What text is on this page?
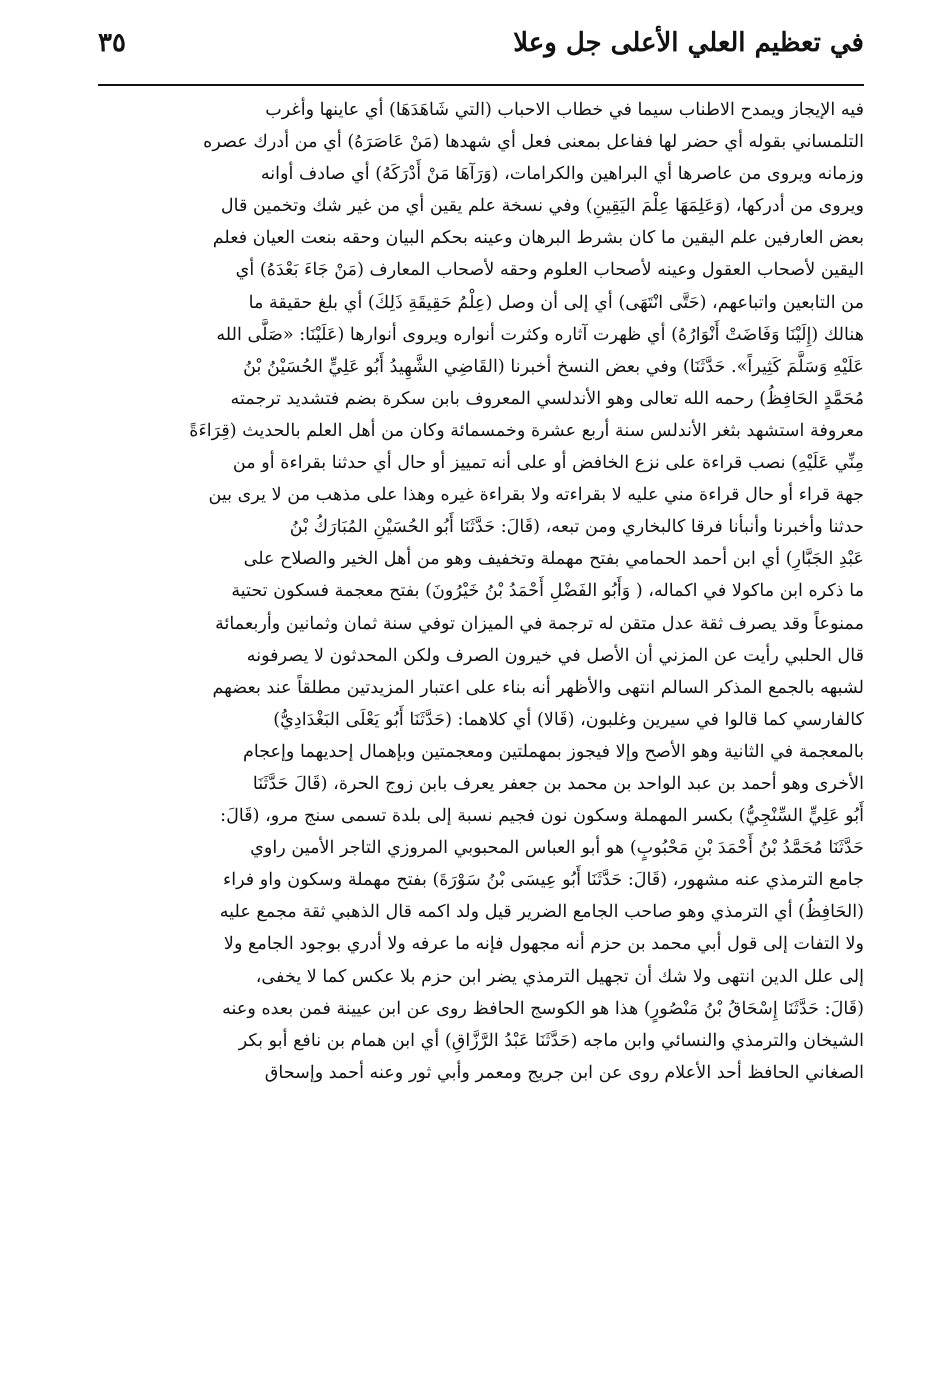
في تعظيم العلي الأعلى جل وعلا
٣٥
فيه الإيجاز ويمدح الاطناب سيما في خطاب الاحباب (التي شَاهَدَهَا) أي عاينها وأغرب
التلمساني بقوله أي حضر لها ففاعل بمعنى فعل أي شهدها (مَنْ عَاصَرَهُ) أي من أدرك عصره
وزمانه ويروى من عاصرها أي البراهين والكرامات، (وَرَآهَا مَنْ أَدْرَكَهُ) أي صادف أوانه
ويروى من أدركها، (وَعَلِمَهَا عِلْمَ اليَقِينِ) وفي نسخة علم يقين أي من غير شك وتخمين قال
بعض العارفين علم اليقين ما كان بشرط البرهان وعينه بحكم البيان وحقه بنعت العيان فعلم
اليقين لأصحاب العقول وعينه لأصحاب العلوم وحقه لأصحاب المعارف (مَنْ جَاءَ بَعْدَهُ) أي
من التابعين واتباعهم، (حَتَّى انْتَهَى) أي إلى أن وصل (عِلْمُ حَقِيقَةِ ذَلِكَ) أي بلغ حقيقة ما
هنالك (إِلَيْنَا وَفَاضَتْ أَنْوَارُهُ) أي ظهرت آثاره وكثرت أنواره ويروى أنوارها (عَلَيْنَا: «صَلَّى الله
عَلَيْهِ وَسَلَّمَ كَثِيراً». حَدَّثَنَا) وفي بعض النسخ أخبرنا (القَاضِي الشَّهِيدُ أَبُو عَلِيٍّ الحُسَيْنُ بْنُ
مُحَمَّدٍ الحَافِظُ) رحمه الله تعالى وهو الأندلسي المعروف بابن سكرة بضم فتشديد ترجمته
معروفة استشهد بثغر الأندلس سنة أربع عشرة وخمسمائة وكان من أهل العلم بالحديث (قِرَاءَةً
مِنِّي عَلَيْهِ) نصب قراءة على نزع الخافض أو على أنه تمييز أو حال أي حدثنا بقراءة أو من
جهة قراء أو حال قراءة مني عليه لا بقراءته ولا بقراءة غيره وهذا على مذهب من لا يرى بين
حدثنا وأخبرنا وأنبأنا فرقا كالبخاري ومن تبعه، (قَالَ: حَدَّثَنَا أَبُو الحُسَيْنِ المُبَارَكُ بْنُ
عَبْدِ الجَبَّارِ) أي ابن أحمد الحمامي بفتح مهملة وتخفيف وهو من أهل الخير والصلاح على
ما ذكره ابن ماكولا في اكماله، ( وَأَبُو الفَضْلِ أَحْمَدُ بْنُ خَيْرُونَ) بفتح معجمة فسكون تحتية
ممنوعاً وقد يصرف ثقة عدل متقن له ترجمة في الميزان توفي سنة ثمان وثمانين وأربعمائة
قال الحلبي رأيت عن المزني أن الأصل في خيرون الصرف ولكن المحدثون لا يصرفونه
لشبهه بالجمع المذكر السالم انتهى والأظهر أنه بناء على اعتبار المزيدتين مطلقاً عند بعضهم
كالفارسي كما قالوا في سيرين وغلبون، (قَالا) أي كلاهما: (حَدَّثَنَا أَبُو يَعْلَى البَغْدَادِيُّ)
بالمعجمة في الثانية وهو الأصح وإلا فيجوز بمهملتين ومعجمتين وبإهمال إحديهما وإعجام
الأخرى وهو أحمد بن عبد الواحد بن محمد بن جعفر يعرف بابن زوج الحرة، (قَالَ حَدَّثَنَا
أَبُو عَلِيٍّ السِّنْجِيُّ) بكسر المهملة وسكون نون فجيم نسبة إلى بلدة تسمى سنج مرو، (قَالَ:
حَدَّثَنَا مُحَمَّدُ بْنُ أَحْمَدَ بْنِ مَحْبُوبٍ) هو أبو العباس المحبوبي المروزي التاجر الأمين راوي
جامع الترمذي عنه مشهور، (قَالَ: حَدَّثَنَا أَبُو عِيسَى بْنُ سَوْرَةَ) بفتح مهملة وسكون واو فراء
(الحَافِظُ) أي الترمذي وهو صاحب الجامع الضرير قيل ولد اكمه قال الذهبي ثقة مجمع عليه
ولا التفات إلى قول أبي محمد بن حزم أنه مجهول فإنه ما عرفه ولا أدري بوجود الجامع ولا
إلى علل الدين انتهى ولا شك أن تجهيل الترمذي يضر ابن حزم بلا عكس كما لا يخفى،
(قَالَ: حَدَّثَنَا إِسْحَاقُ بْنُ مَنْصُورٍ) هذا هو الكوسج الحافظ روى عن ابن عيينة فمن بعده وعنه
الشيخان والترمذي والنسائي وابن ماجه (حَدَّثَنَا عَبْدُ الرَّزَّاقِ) أي ابن همام بن نافع أبو بكر
الصغاني الحافظ أحد الأعلام روى عن ابن جريج ومعمر وأبي ثور وعنه أحمد وإسحاق
